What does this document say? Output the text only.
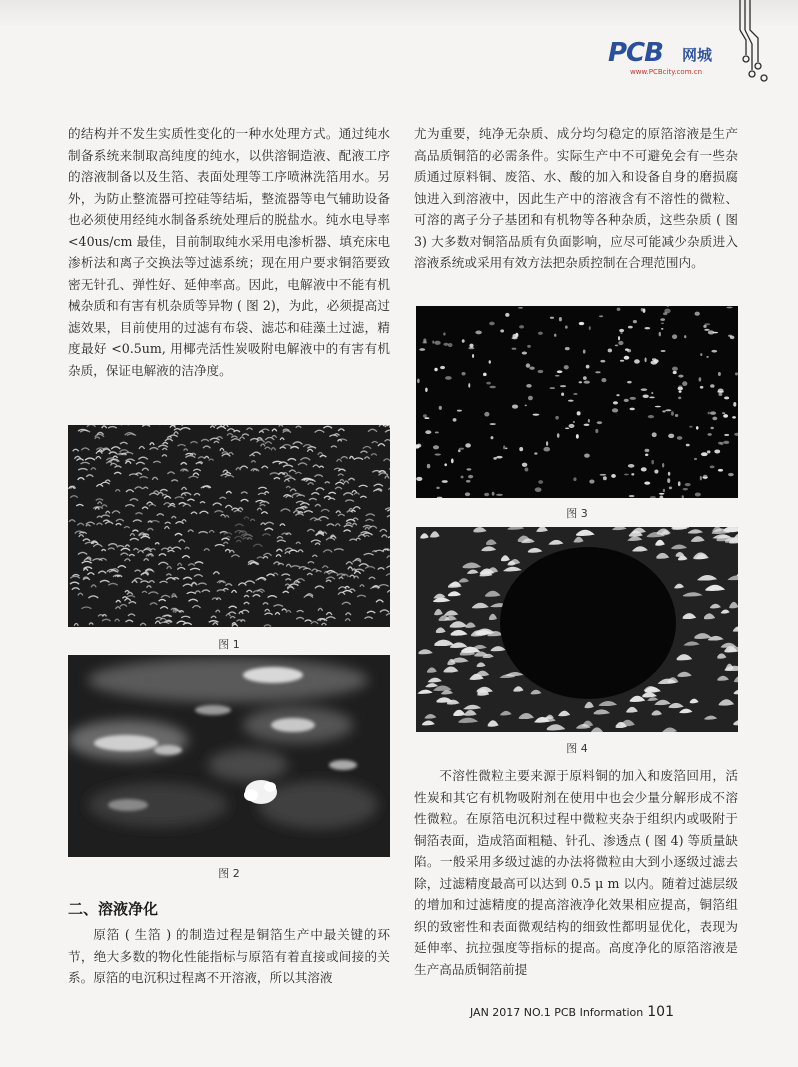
PCB 网城
www.PCBcity.com.cn
的结构并不发生实质性变化的一种水处理方式。通过纯水制备系统来制取高纯度的纯水，以供溶铜造液、配液工序的溶液制备以及生箔、表面处理等工序喷淋洗箔用水。另外，为防止整流器可控硅等结垢，整流器等电气辅助设备也必须使用经纯水制备系统处理后的脱盐水。纯水电导率 <40us/cm 最佳，目前制取纯水采用电渗析器、填充床电渗析法和离子交换法等过滤系统；现在用户要求铜箔要致密无针孔、弹性好、延伸率高。因此，电解液中不能有机械杂质和有害有机杂质等异物 ( 图 2)，为此，必须提高过滤效果，目前使用的过滤有布袋、滤芯和硅藻土过滤，精度最好 <0.5um, 用椰壳活性炭吸附电解液中的有害有机杂质，保证电解液的洁净度。
图 1
图 2
二、溶液净化
原箔 ( 生箔 ) 的制造过程是铜箔生产中最关键的环节，绝大多数的物化性能指标与原箔有着直接或间接的关系。原箔的电沉积过程离不开溶液，所以其溶液
尤为重要，纯净无杂质、成分均匀稳定的原箔溶液是生产高品质铜箔的必需条件。实际生产中不可避免会有一些杂质通过原料铜、废箔、水、酸的加入和设备自身的磨损腐蚀进入到溶液中，因此生产中的溶液含有不溶性的微粒、可溶的离子分子基团和有机物等各种杂质，这些杂质 ( 图 3) 大多数对铜箔品质有负面影响，应尽可能减少杂质进入溶液系统或采用有效方法把杂质控制在合理范围内。
图 3
图 4
不溶性微粒主要来源于原料铜的加入和废箔回用，活性炭和其它有机物吸附剂在使用中也会少量分解形成不溶性微粒。在原箔电沉积过程中微粒夹杂于组织内或吸附于铜箔表面，造成箔面粗糙、针孔、渗透点 ( 图 4) 等质量缺陷。一般采用多级过滤的办法将微粒由大到小逐级过滤去除，过滤精度最高可以达到 0.5 μ m 以内。随着过滤层级的增加和过滤精度的提高溶液净化效果相应提高，铜箔组织的致密性和表面微观结构的细致性都明显优化，表现为延伸率、抗拉强度等指标的提高。高度净化的原箔溶液是生产高品质铜箔前提
JAN 2017 NO.1 PCB Information 101
